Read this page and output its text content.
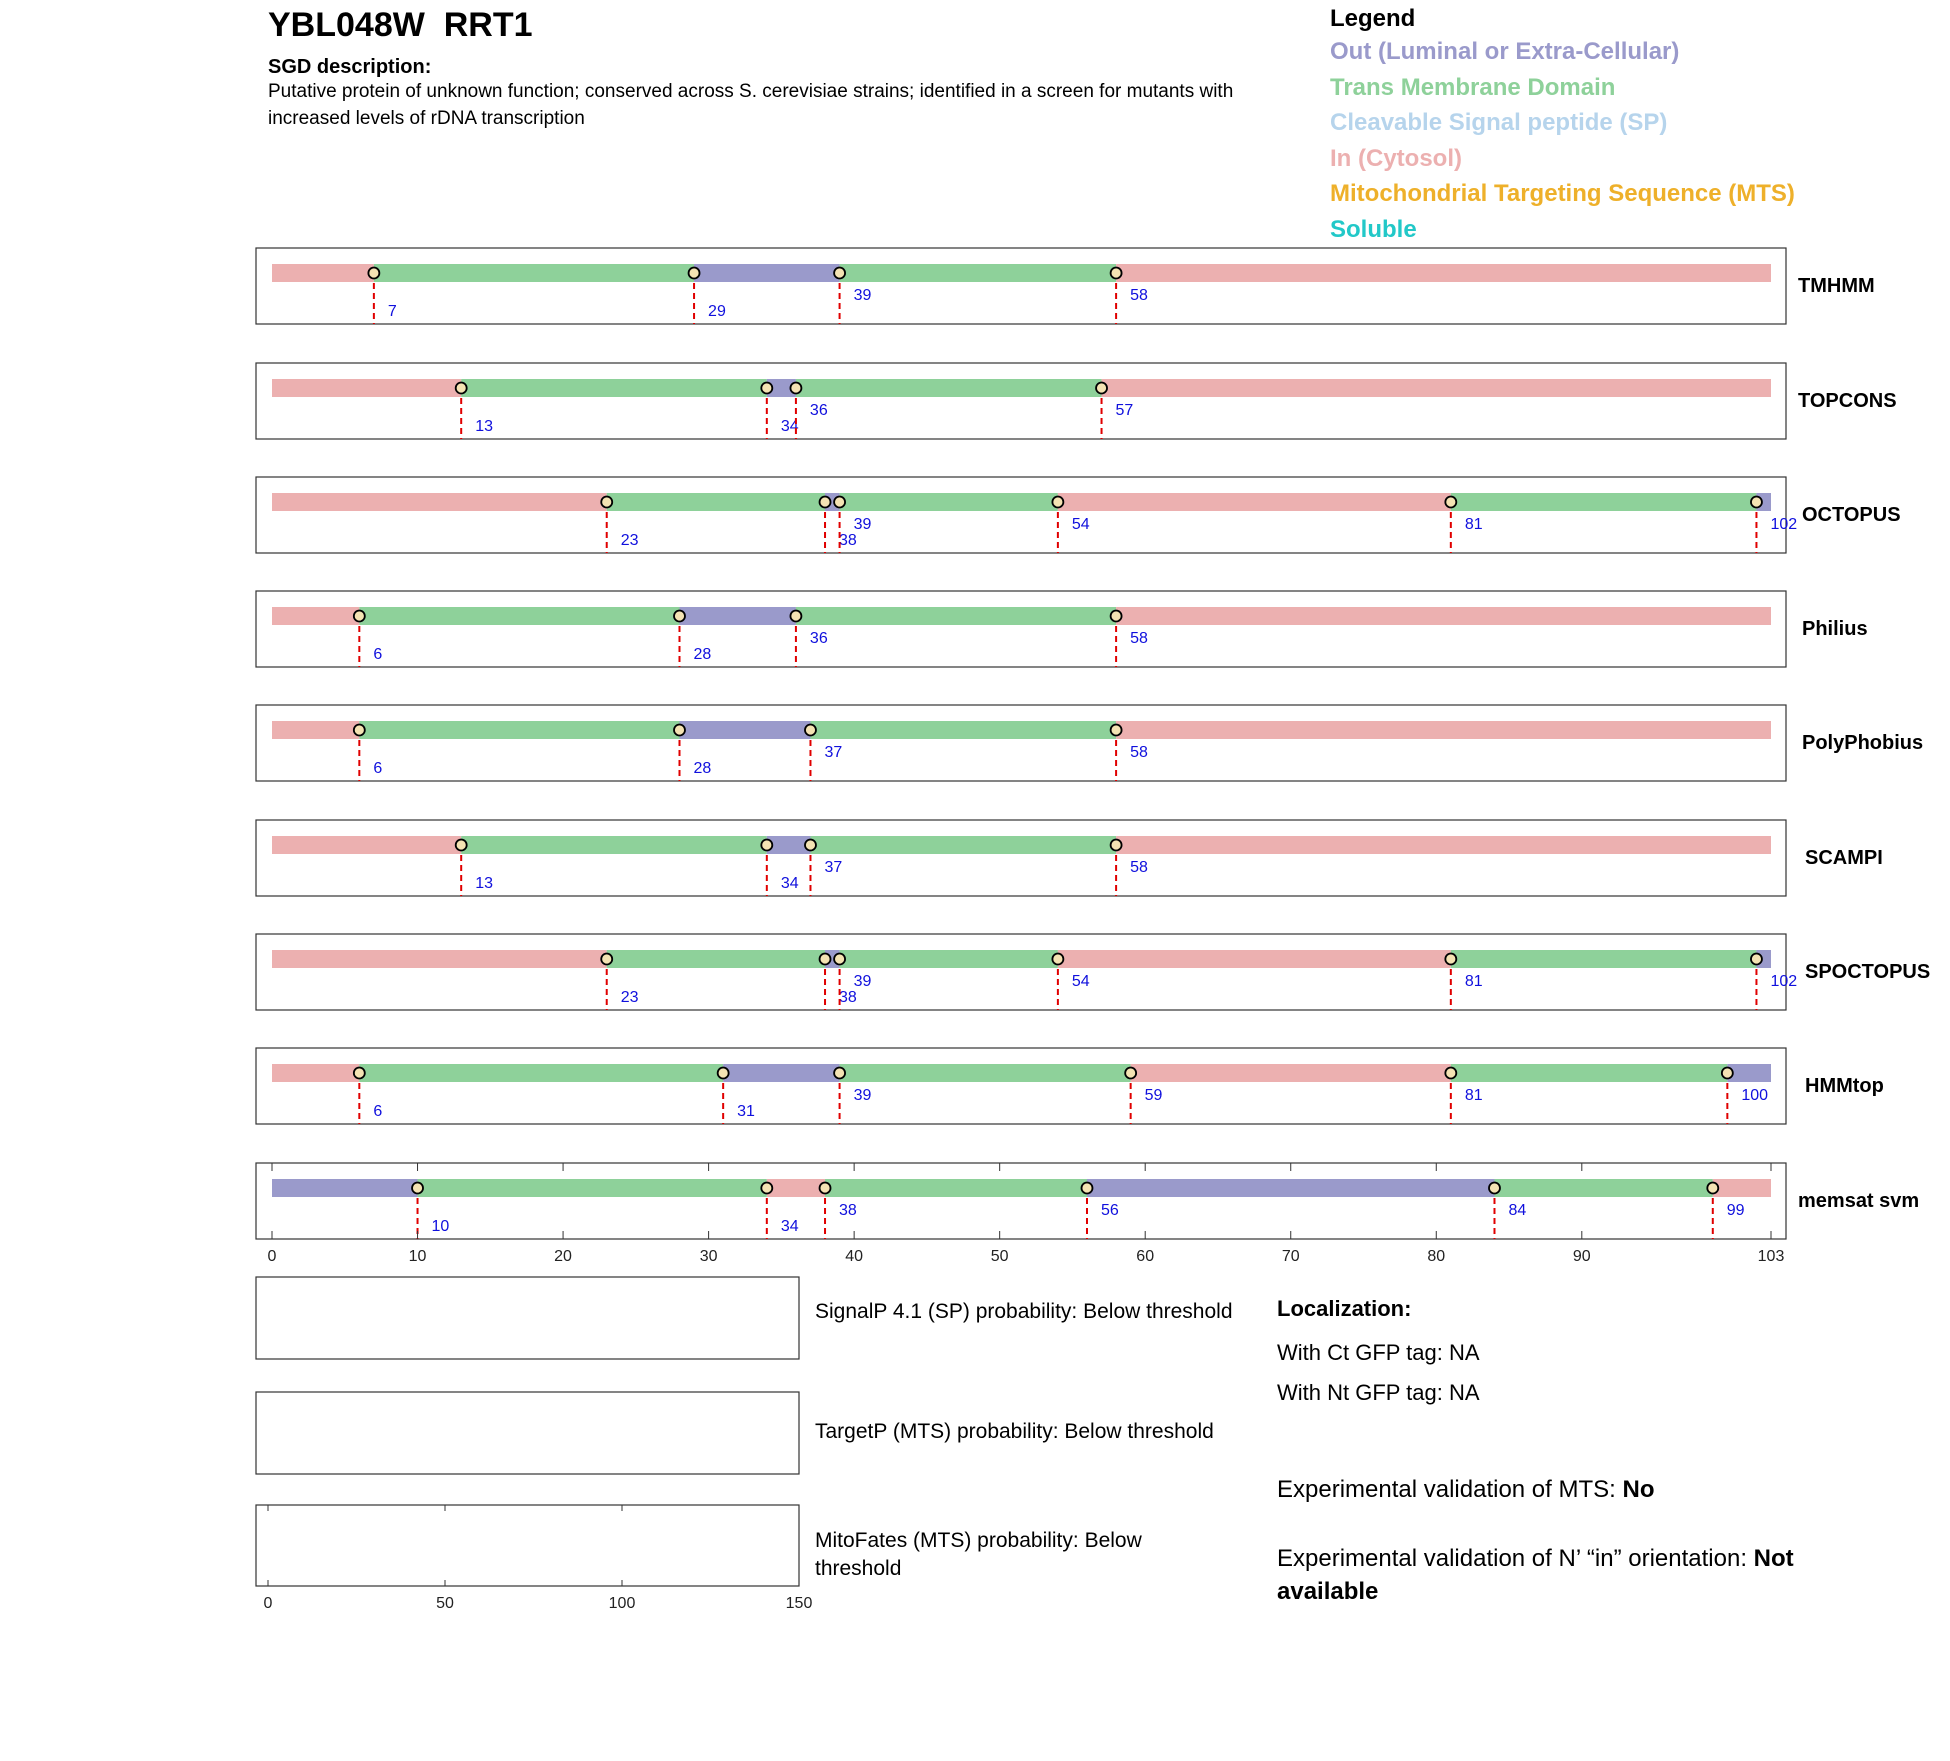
YBL048W RRT1
SGD description:
Putative protein of unknown function; conserved across S. cerevisiae strains; identified in a screen for mutants with increased levels of rDNA transcription
Legend
Out (Luminal or Extra-Cellular)
Trans Membrane Domain
Cleavable Signal peptide (SP)
In (Cytosol)
Mitochondrial Targeting Sequence (MTS)
Soluble
7	29
39	58	TMHMM
13	34
36	57	TOPCONS
23	38
39	54	81	102 OCTOPUS
6	28
36	58	Philius
6	28
37	58	PolyPhobius
13	34
37	58	SCAMPI
23	38
39	54	81	102 SPOCTOPUS
6	31
39	59	81	100 HMMtop
10	34
38	56	84	99	memsat svm
0	10	20	30	40	50	60	70	80	90	103
0	50	100	150
SignalP 4.1 (SP) probability: Below threshold
TargetP (MTS) probability: Below threshold
MitoFates (MTS) probability: Below
threshold
Localization:
With Ct GFP tag: NA
With Nt GFP tag: NA
Experimental validation of MTS: No
Experimental validation of N’ “in” orientation: Not
available
